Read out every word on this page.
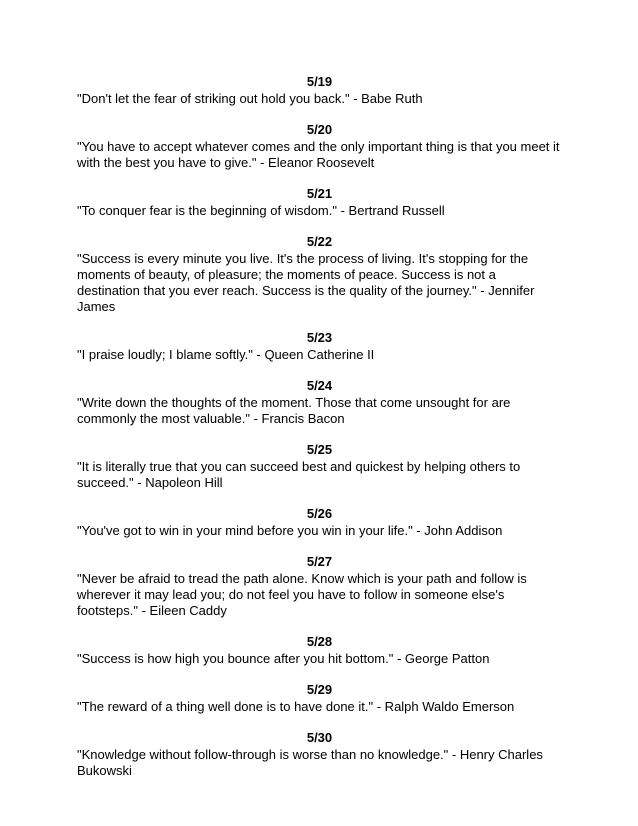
5/19

"Don't let the fear of striking out hold you back." - Babe Ruth

5/20

"You have to accept whatever comes and the only important thing is that you meet it with the best you have to give." - Eleanor Roosevelt

5/21

"To conquer fear is the beginning of wisdom." - Bertrand Russell

5/22

"Success is every minute you live. It's the process of living. It's stopping for the moments of beauty, of pleasure; the moments of peace. Success is not a destination that you ever reach. Success is the quality of the journey." - Jennifer James

5/23

"I praise loudly; I blame softly." - Queen Catherine II

5/24

"Write down the thoughts of the moment. Those that come unsought for are commonly the most valuable." - Francis Bacon

5/25

"It is literally true that you can succeed best and quickest by helping others to succeed." - Napoleon Hill

5/26

"You've got to win in your mind before you win in your life." - John Addison

5/27

"Never be afraid to tread the path alone. Know which is your path and follow is wherever it may lead you; do not feel you have to follow in someone else's footsteps." - Eileen Caddy

5/28

"Success is how high you bounce after you hit bottom." - George Patton

5/29

"The reward of a thing well done is to have done it." - Ralph Waldo Emerson

5/30

"Knowledge without follow-through is worse than no knowledge." - Henry Charles Bukowski
